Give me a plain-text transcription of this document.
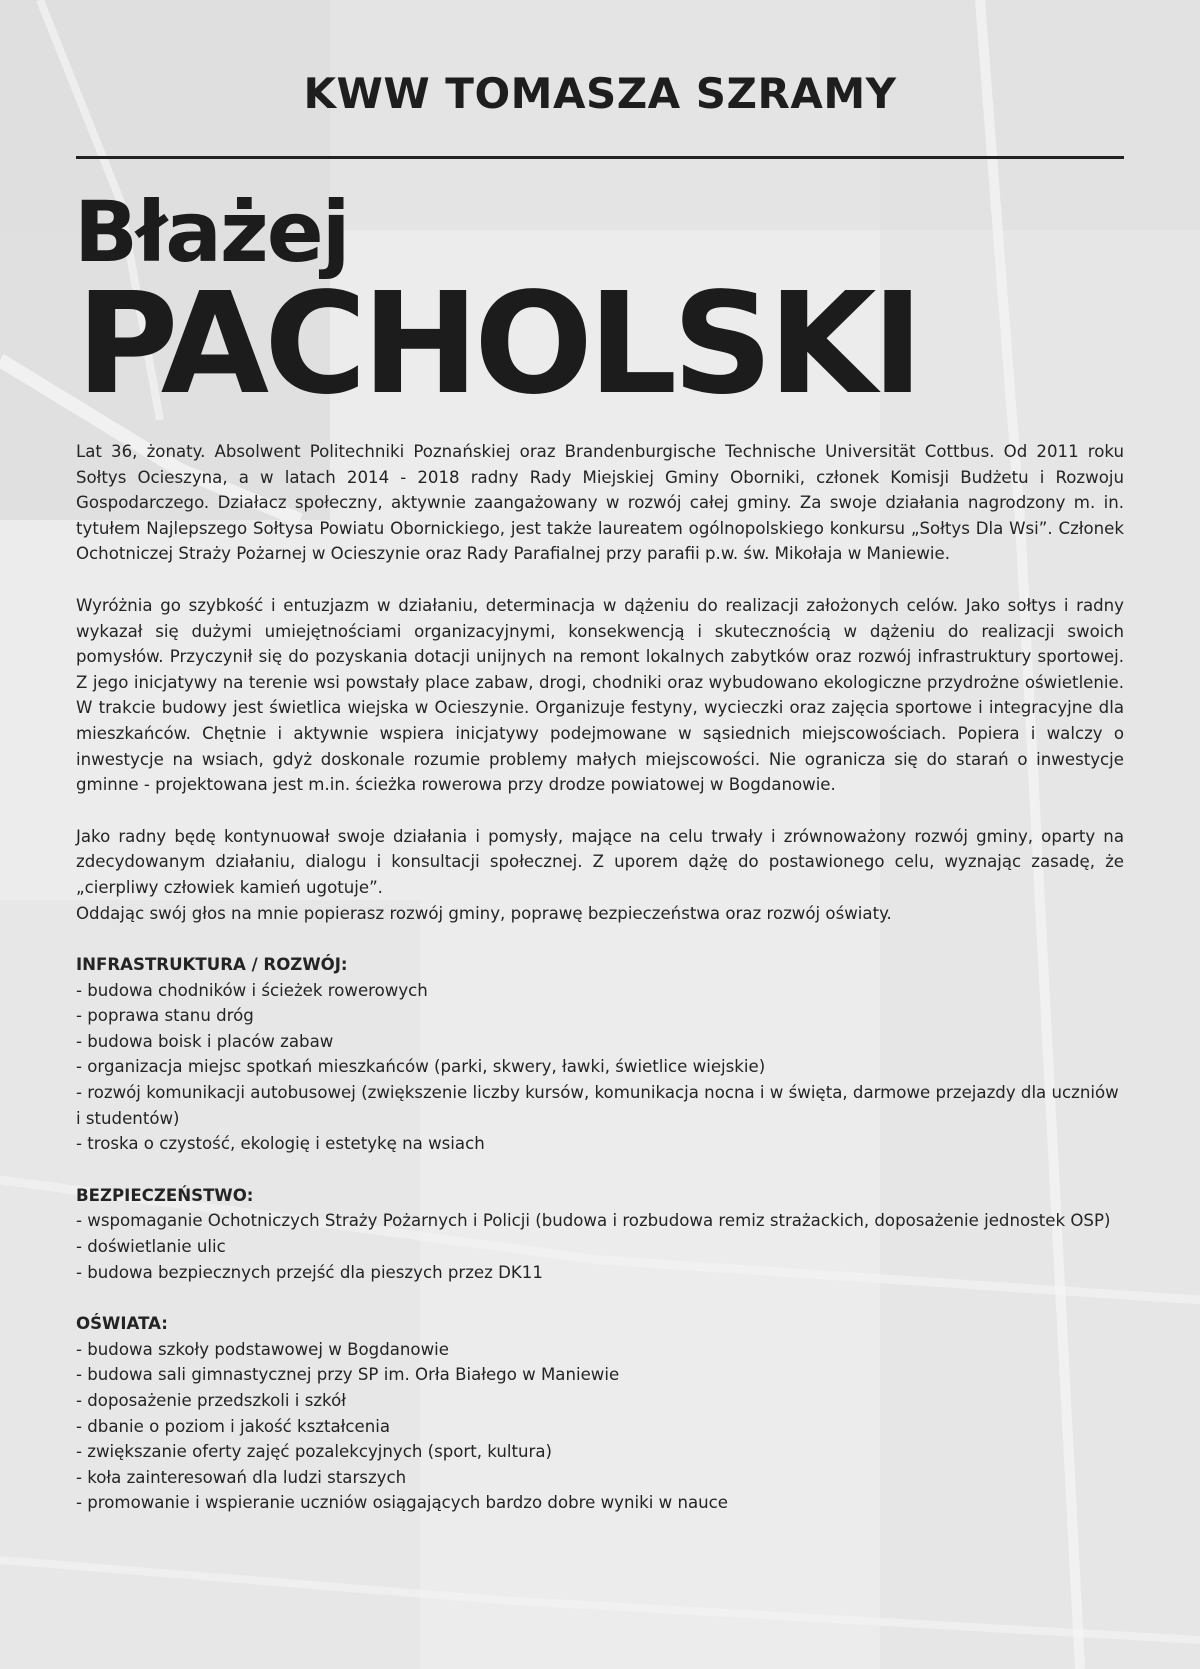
KWW TOMASZA SZRAMY
Błażej
PACHOLSKI

Lat 36, żonaty. Absolwent Politechniki Poznańskiej oraz Brandenburgische Technische Universität Cottbus. Od 2011 roku Sołtys Ocieszyna, a w latach 2014 - 2018 radny Rady Miejskiej Gminy Oborniki, członek Komisji Budżetu i Rozwoju Gospodarczego. Działacz społeczny, aktywnie zaangażowany w rozwój całej gminy. Za swoje działania nagrodzony m. in. tytułem Najlepszego Sołtysa Powiatu Obornickiego, jest także laureatem ogólnopolskiego konkursu „Sołtys Dla Wsi”. Członek Ochotniczej Straży Pożarnej w Ocieszynie oraz Rady Parafialnej przy parafii p.w. św. Mikołaja w Maniewie.

Wyróżnia go szybkość i entuzjazm w działaniu, determinacja w dążeniu do realizacji założonych celów. Jako sołtys i radny wykazał się dużymi umiejętnościami organizacyjnymi, konsekwencją i skutecznością w dążeniu do realizacji swoich pomysłów. Przyczynił się do pozyskania dotacji unijnych na remont lokalnych zabytków oraz rozwój infrastruktury sportowej. Z jego inicjatywy na terenie wsi powstały place zabaw, drogi, chodniki oraz wybudowano ekologiczne przydrożne oświetlenie. W trakcie budowy jest świetlica wiejska w Ocieszynie. Organizuje festyny, wycieczki oraz zajęcia sportowe i integracyjne dla mieszkańców. Chętnie i aktywnie wspiera inicjatywy podejmowane w sąsiednich miejscowościach. Popiera i walczy o inwestycje na wsiach, gdyż doskonale rozumie problemy małych miejscowości. Nie ogranicza się do starań o inwestycje gminne - projektowana jest m.in. ścieżka rowerowa przy drodze powiatowej w Bogdanowie.

Jako radny będę kontynuował swoje działania i pomysły, mające na celu trwały i zrównoważony rozwój gminy, oparty na zdecydowanym działaniu, dialogu i konsultacji społecznej. Z uporem dążę do postawionego celu, wyznając zasadę, że „cierpliwy człowiek kamień ugotuje”.

Oddając swój głos na mnie popierasz rozwój gminy, poprawę bezpieczeństwa oraz rozwój oświaty.

INFRASTRUKTURA / ROZWÓJ:

- budowa chodników i ścieżek rowerowych
- poprawa stanu dróg
- budowa boisk i placów zabaw
- organizacja miejsc spotkań mieszkańców (parki, skwery, ławki, świetlice wiejskie)
- rozwój komunikacji autobusowej (zwiększenie liczby kursów, komunikacja nocna i w święta, darmowe przejazdy dla uczniów i studentów)
- troska o czystość, ekologię i estetykę na wsiach

BEZPIECZEŃSTWO:

- wspomaganie Ochotniczych Straży Pożarnych i Policji (budowa i rozbudowa remiz strażackich, doposażenie jednostek OSP)
- doświetlanie ulic
- budowa bezpiecznych przejść dla pieszych przez DK11

OŚWIATA:

- budowa szkoły podstawowej w Bogdanowie
- budowa sali gimnastycznej przy SP im. Orła Białego w Maniewie
- doposażenie przedszkoli i szkół
- dbanie o poziom i jakość kształcenia
- zwiększanie oferty zajęć pozalekcyjnych (sport, kultura)
- koła zainteresowań dla ludzi starszych
- promowanie i wspieranie uczniów osiągających bardzo dobre wyniki w nauce
